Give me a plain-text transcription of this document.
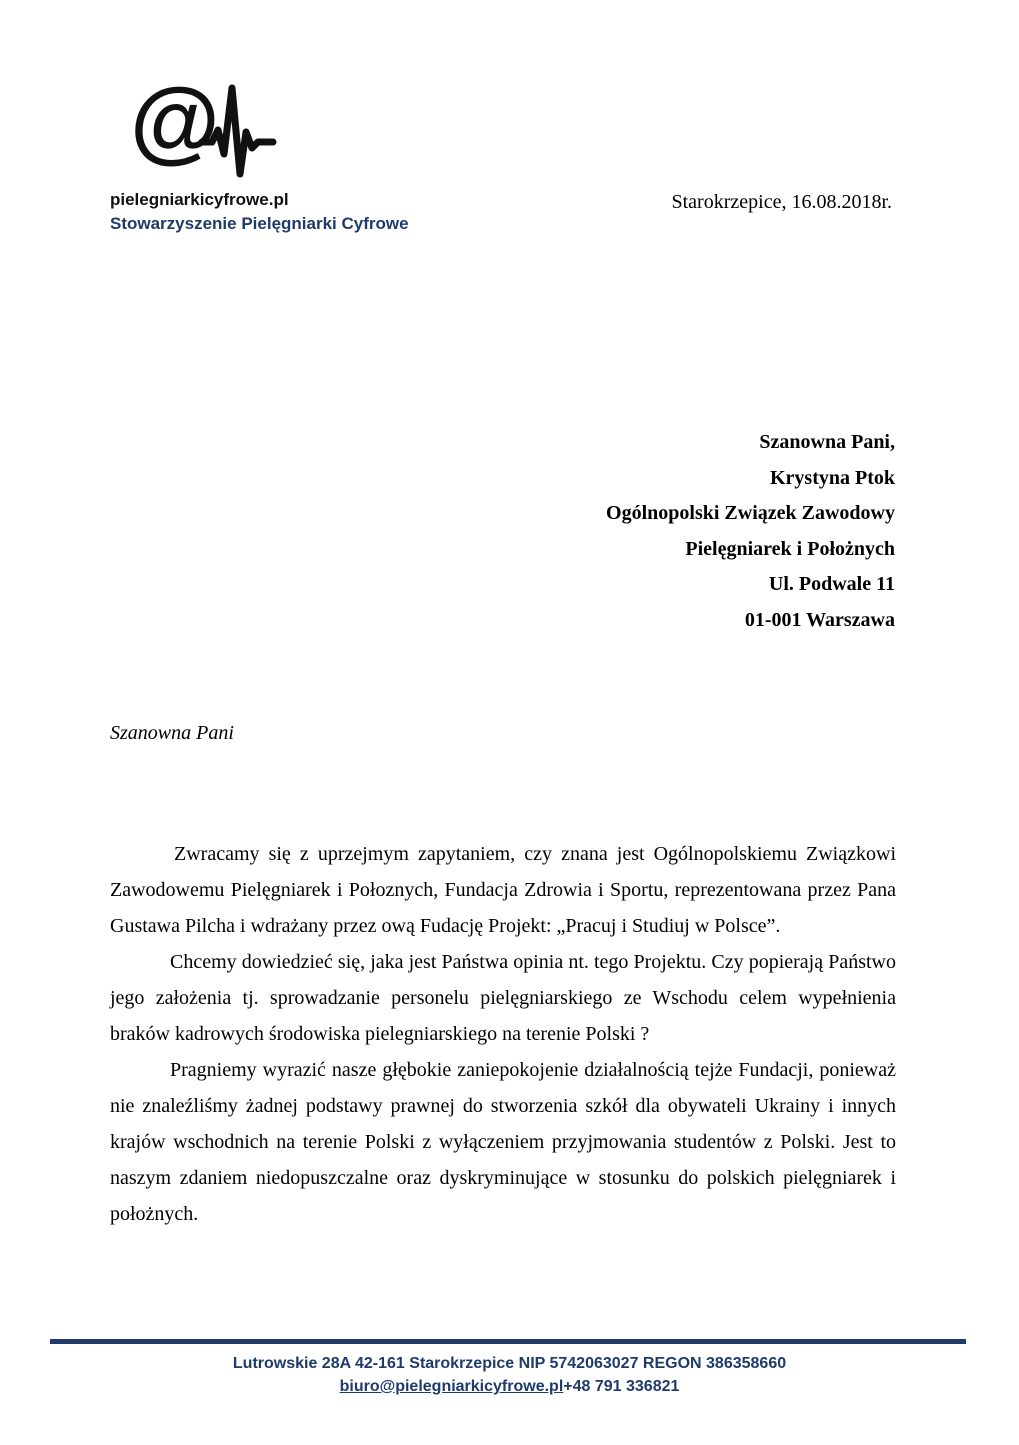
@
pielegniarkicyfrowe.pl
Stowarzyszenie Pielęgniarki Cyfrowe
Starokrzepice, 16.08.2018r.
Szanowna Pani,
Krystyna Ptok
Ogólnopolski Związek Zawodowy
Pielęgniarek i Położnych
Ul. Podwale 11
01-001 Warszawa
Szanowna Pani

Zwracamy się z uprzejmym zapytaniem, czy znana jest Ogólnopolskiemu Związkowi Zawodowemu Pielęgniarek i Połoznych, Fundacja Zdrowia i Sportu, reprezentowana przez Pana Gustawa Pilcha i wdrażany przez ową Fudację Projekt: „Pracuj i Studiuj w Polsce”.

Chcemy dowiedzieć się, jaka jest Państwa opinia nt. tego Projektu. Czy popierają Państwo jego założenia tj. sprowadzanie personelu pielęgniarskiego ze Wschodu celem wypełnienia braków kadrowych środowiska pielegniarskiego na terenie Polski ?

Pragniemy wyrazić nasze głębokie zaniepokojenie działalnością tejże Fundacji, ponieważ nie znaleźliśmy żadnej podstawy prawnej do stworzenia szkół dla obywateli Ukrainy i innych krajów wschodnich na terenie Polski z wyłączeniem przyjmowania studentów z Polski. Jest to naszym zdaniem niedopuszczalne oraz dyskryminujące w stosunku do polskich pielęgniarek i położnych.

Lutrowskie 28A 42-161 Starokrzepice NIP 5742063027 REGON 386358660
biuro@pielegniarkicyfrowe.pl+48 791 336821
